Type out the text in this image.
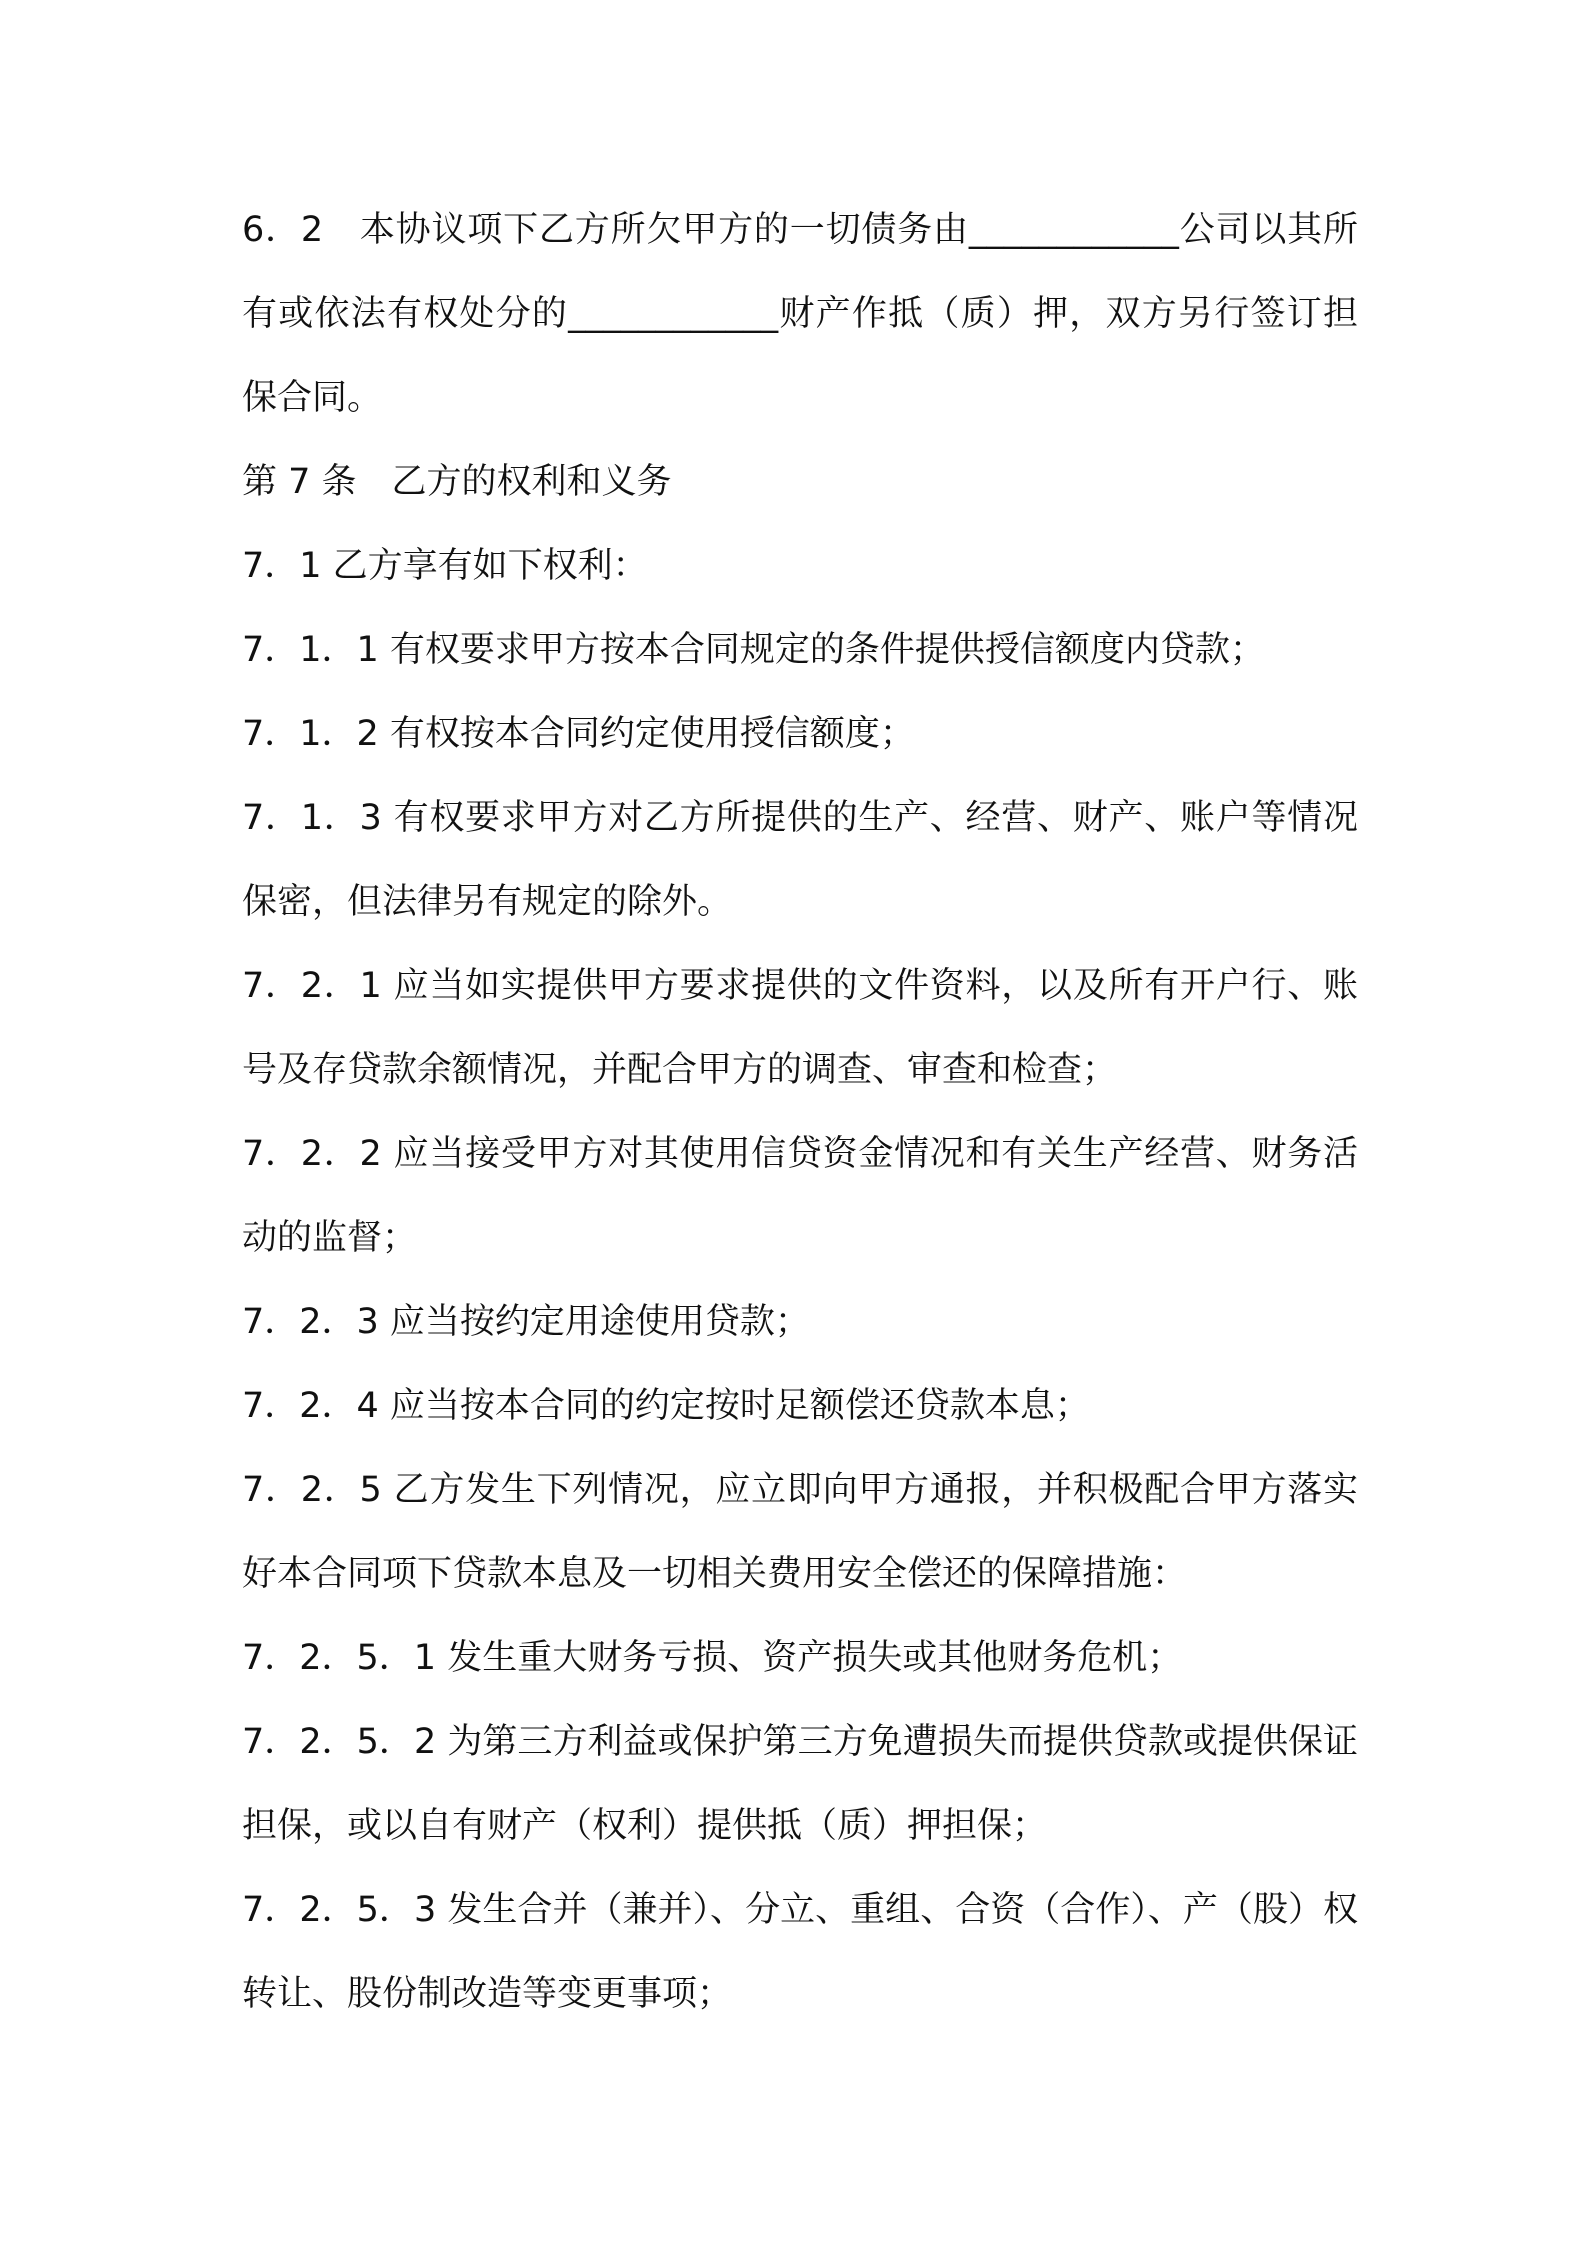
6．2　本协议项下乙方所欠甲方的一切债务由____________公司以其所有或依法有权处分的____________财产作抵（质）押，双方另行签订担保合同。

第 7 条　乙方的权利和义务

7．1 乙方享有如下权利：

7．1．1 有权要求甲方按本合同规定的条件提供授信额度内贷款；

7．1．2 有权按本合同约定使用授信额度；

7．1．3 有权要求甲方对乙方所提供的生产、经营、财产、账户等情况保密，但法律另有规定的除外。

7．2．1 应当如实提供甲方要求提供的文件资料，以及所有开户行、账号及存贷款余额情况，并配合甲方的调查、审查和检查；

7．2．2 应当接受甲方对其使用信贷资金情况和有关生产经营、财务活动的监督；

7．2．3 应当按约定用途使用贷款；

7．2．4 应当按本合同的约定按时足额偿还贷款本息；

7．2．5 乙方发生下列情况，应立即向甲方通报，并积极配合甲方落实好本合同项下贷款本息及一切相关费用安全偿还的保障措施：

7．2．5．1 发生重大财务亏损、资产损失或其他财务危机；

7．2．5．2 为第三方利益或保护第三方免遭损失而提供贷款或提供保证担保，或以自有财产（权利）提供抵（质）押担保；

7．2．5．3 发生合并（兼并）、分立、重组、合资（合作）、产（股）权转让、股份制改造等变更事项；
